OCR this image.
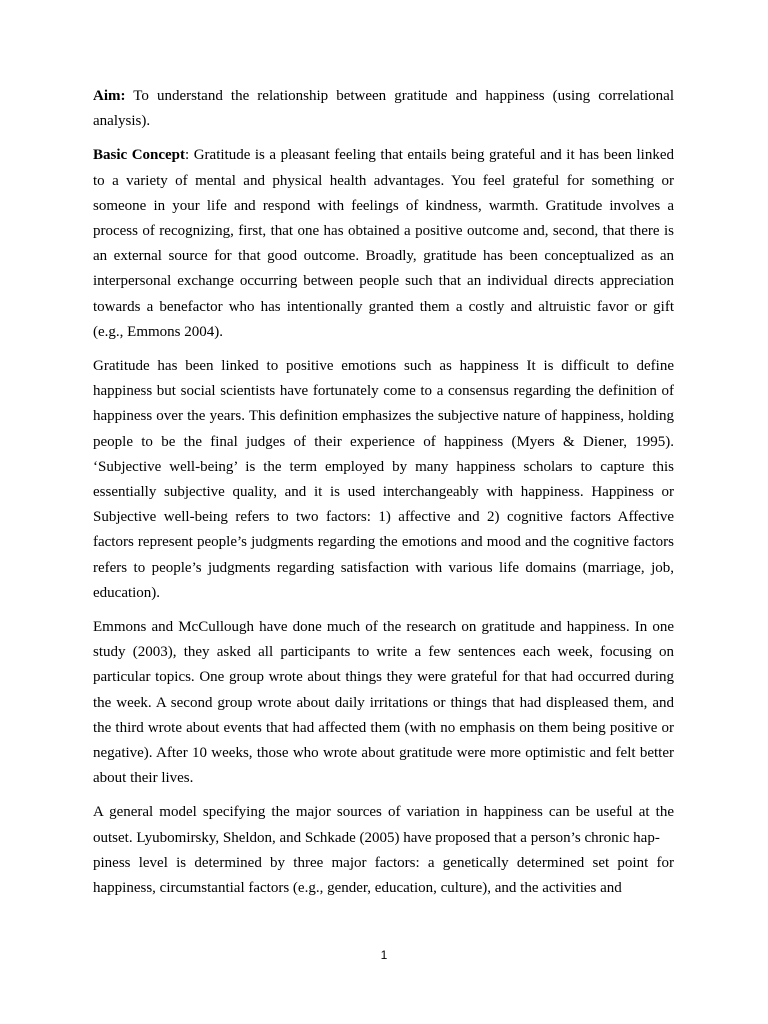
Aim: To understand the relationship between gratitude and happiness (using correlational analysis).

Basic Concept: Gratitude is a pleasant feeling that entails being grateful and it has been linked to a variety of mental and physical health advantages. You feel grateful for something or someone in your life and respond with feelings of kindness, warmth. Gratitude involves a process of recognizing, first, that one has obtained a positive outcome and, second, that there is an external source for that good outcome. Broadly, gratitude has been conceptualized as an interpersonal exchange occurring between people such that an individual directs appreciation towards a benefactor who has intentionally granted them a costly and altruistic favor or gift (e.g., Emmons 2004).

Gratitude has been linked to positive emotions such as happiness It is difficult to define happiness but social scientists have fortunately come to a consensus regarding the definition of happiness over the years. This definition emphasizes the subjective nature of happiness, holding people to be the final judges of their experience of happiness (Myers & Diener, 1995). ‘Subjective well-being’ is the term employed by many happiness scholars to capture this essentially subjective quality, and it is used interchangeably with happiness. Happiness or Subjective well-being refers to two factors: 1) affective and 2) cognitive factors Affective factors represent people’s judgments regarding the emotions and mood and the cognitive factors refers to people’s judgments regarding satisfaction with various life domains (marriage, job, education).

Emmons and McCullough have done much of the research on gratitude and happiness. In one study (2003), they asked all participants to write a few sentences each week, focusing on particular topics. One group wrote about things they were grateful for that had occurred during the week. A second group wrote about daily irritations or things that had displeased them, and the third wrote about events that had affected them (with no emphasis on them being positive or negative). After 10 weeks, those who wrote about gratitude were more optimistic and felt better about their lives.

A general model specifying the major sources of variation in happiness can be useful at the outset. Lyubomirsky, Sheldon, and Schkade (2005) have proposed that a person’s chronic hap-
piness level is determined by three major factors: a genetically determined set point for happiness, circumstantial factors (e.g., gender, education, culture), and the activities and

1
